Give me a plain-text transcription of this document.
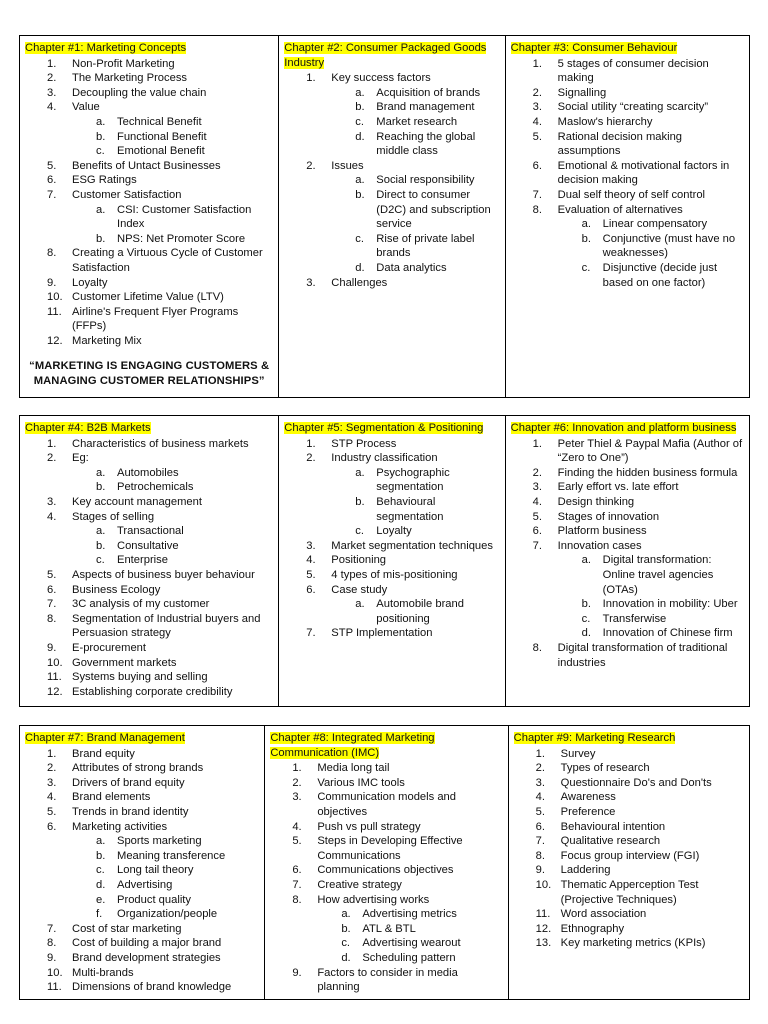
Chapter #1: Marketing Concepts
1. Non-Profit Marketing
2. The Marketing Process
3. Decoupling the value chain
4. Value
a. Technical Benefit
b. Functional Benefit
c. Emotional Benefit
5. Benefits of Untact Businesses
6. ESG Ratings
7. Customer Satisfaction
a. CSI: Customer Satisfaction Index
b. NPS: Net Promoter Score
8. Creating a Virtuous Cycle of Customer Satisfaction
9. Loyalty
10. Customer Lifetime Value (LTV)
11. Airline's Frequent Flyer Programs (FFPs)
12. Marketing Mix
“MARKETING IS ENGAGING CUSTOMERS & MANAGING CUSTOMER RELATIONSHIPS”
Chapter #2: Consumer Packaged Goods Industry
1. Key success factors
a. Acquisition of brands
b. Brand management
c. Market research
d. Reaching the global middle class
2. Issues
a. Social responsibility
b. Direct to consumer (D2C) and subscription service
c. Rise of private label brands
d. Data analytics
3. Challenges
Chapter #3: Consumer Behaviour
1. 5 stages of consumer decision making
2. Signalling
3. Social utility “creating scarcity”
4. Maslow's hierarchy
5. Rational decision making assumptions
6. Emotional & motivational factors in decision making
7. Dual self theory of self control
8. Evaluation of alternatives
a. Linear compensatory
b. Conjunctive (must have no weaknesses)
c. Disjunctive (decide just based on one factor)
Chapter #4: B2B Markets
1. Characteristics of business markets
2. Eg:
a. Automobiles
b. Petrochemicals
3. Key account management
4. Stages of selling
a. Transactional
b. Consultative
c. Enterprise
5. Aspects of business buyer behaviour
6. Business Ecology
7. 3C analysis of my customer
8. Segmentation of Industrial buyers and Persuasion strategy
9. E-procurement
10. Government markets
11. Systems buying and selling
12. Establishing corporate credibility
Chapter #5: Segmentation & Positioning
1. STP Process
2. Industry classification
a. Psychographic segmentation
b. Behavioural segmentation
c. Loyalty
3. Market segmentation techniques
4. Positioning
5. 4 types of mis-positioning
6. Case study
a. Automobile brand positioning
7. STP Implementation
Chapter #6: Innovation and platform business
1. Peter Thiel & Paypal Mafia (Author of “Zero to One”)
2. Finding the hidden business formula
3. Early effort vs. late effort
4. Design thinking
5. Stages of innovation
6. Platform business
7. Innovation cases
a. Digital transformation: Online travel agencies (OTAs)
b. Innovation in mobility: Uber
c. Transferwise
d. Innovation of Chinese firm
8. Digital transformation of traditional industries
Chapter #7: Brand Management
1. Brand equity
2. Attributes of strong brands
3. Drivers of brand equity
4. Brand elements
5. Trends in brand identity
6. Marketing activities
a. Sports marketing
b. Meaning transference
c. Long tail theory
d. Advertising
e. Product quality
f. Organization/people
7. Cost of star marketing
8. Cost of building a major brand
9. Brand development strategies
10. Multi-brands
11. Dimensions of brand knowledge
Chapter #8: Integrated Marketing Communication (IMC)
1. Media long tail
2. Various IMC tools
3. Communication models and objectives
4. Push vs pull strategy
5. Steps in Developing Effective Communications
6. Communications objectives
7. Creative strategy
8. How advertising works
a. Advertising metrics
b. ATL & BTL
c. Advertising wearout
d. Scheduling pattern
9. Factors to consider in media planning
Chapter #9: Marketing Research
1. Survey
2. Types of research
3. Questionnaire Do's and Don'ts
4. Awareness
5. Preference
6. Behavioural intention
7. Qualitative research
8. Focus group interview (FGI)
9. Laddering
10. Thematic Apperception Test (Projective Techniques)
11. Word association
12. Ethnography
13. Key marketing metrics (KPIs)
